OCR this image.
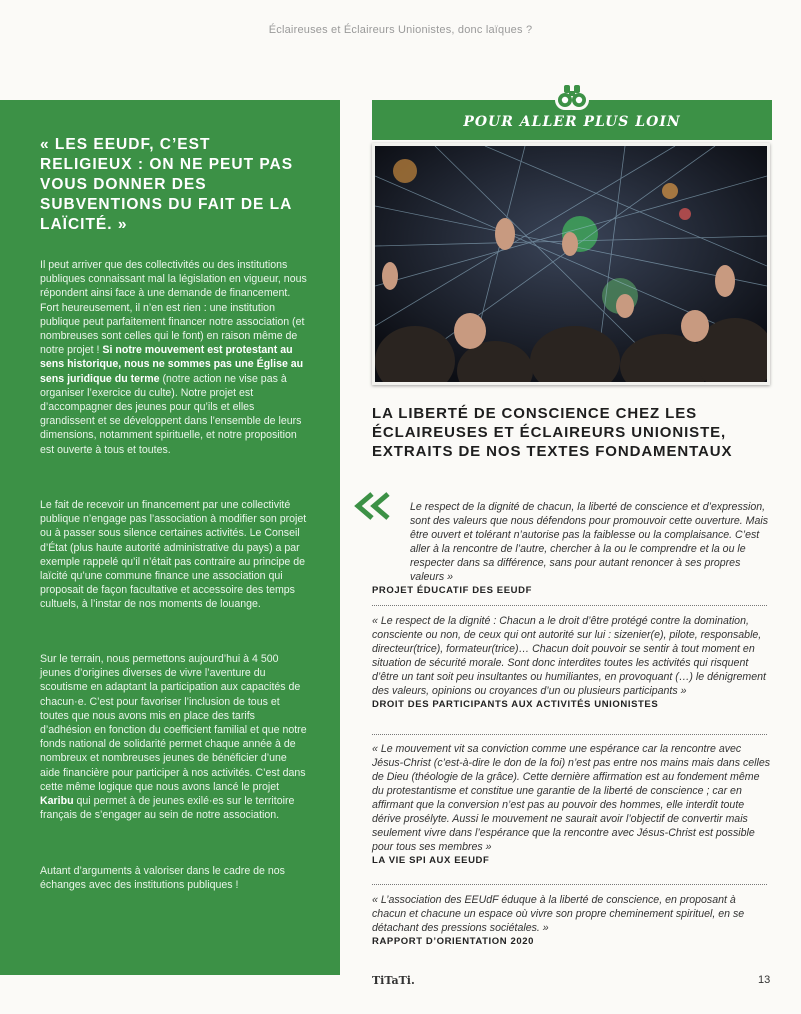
Éclaireuses et Éclaireurs Unionistes, donc laïques ?
« LES EEUDF, C’EST RELIGIEUX : ON NE PEUT PAS VOUS DONNER DES SUBVENTIONS DU FAIT DE LA LAÏCITÉ. »
Il peut arriver que des collectivités ou des institutions publiques connaissant mal la législation en vigueur, nous répondent ainsi face à une demande de financement. Fort heureusement, il n’en est rien : une institution publique peut parfaitement financer notre association (et nombreuses sont celles qui le font) en raison même de notre projet ! Si notre mouvement est protestant au sens historique, nous ne sommes pas une Église au sens juridique du terme (notre action ne vise pas à organiser l’exercice du culte). Notre projet est d’accompagner des jeunes pour qu’ils et elles grandissent et se développent dans l’ensemble de leurs dimensions, notamment spirituelle, et notre proposition est ouverte à tous et toutes.
Le fait de recevoir un financement par une collectivité publique n’engage pas l’association à modifier son projet ou à passer sous silence certaines activités. Le Conseil d’État (plus haute autorité administrative du pays) a par exemple rappelé qu’il n’était pas contraire au principe de laïcité qu’une commune finance une association qui proposait de façon facultative et accessoire des temps cultuels, à l’instar de nos moments de louange.
Sur le terrain, nous permettons aujourd’hui à 4 500 jeunes d’origines diverses de vivre l’aventure du scoutisme en adaptant la participation aux capacités de chacun·e. C’est pour favoriser l’inclusion de tous et toutes que nous avons mis en place des tarifs d’adhésion en fonction du coefficient familial et que notre fonds national de solidarité permet chaque année à de nombreux et nombreuses jeunes de bénéficier d’une aide financière pour participer à nos activités. C’est dans cette même logique que nous avons lancé le projet Karibu qui permet à de jeunes exilé·es sur le territoire français de s’engager au sein de notre association.
Autant d’arguments à valoriser dans le cadre de nos échanges avec des institutions publiques !
POUR ALLER PLUS LOIN
LA LIBERTÉ DE CONSCIENCE CHEZ LES ÉCLAIREUSES ET ÉCLAIREURS UNIONISTE, EXTRAITS DE NOS TEXTES FONDAMENTAUX
Le respect de la dignité de chacun, la liberté de conscience et d’expression, sont des valeurs que nous défendons pour promouvoir cette ouverture. Mais être ouvert et tolérant n’autorise pas la faiblesse ou la complaisance. C’est aller à la rencontre de l’autre, chercher à la ou le comprendre et la ou le respecter dans sa différence, sans pour autant renoncer à ses propres valeurs »
PROJET ÉDUCATIF DES EEUDF
« Le respect de la dignité : Chacun a le droit d’être protégé contre la domination, consciente ou non, de ceux qui ont autorité sur lui : sizenier(e), pilote, responsable, directeur(trice), formateur(trice)… Chacun doit pouvoir se sentir à tout moment en situation de sécurité morale. Sont donc interdites toutes les activités qui risquent d’être un tant soit peu insultantes ou humiliantes, en provoquant (…) le dénigrement des valeurs, opinions ou croyances d’un ou plusieurs participants »
DROIT DES PARTICIPANTS AUX ACTIVITÉS UNIONISTES
« Le mouvement vit sa conviction comme une espérance car la rencontre avec Jésus-Christ (c’est-à-dire le don de la foi) n’est pas entre nos mains mais dans celles de Dieu (théologie de la grâce). Cette dernière affirmation est au fondement même du protestantisme et constitue une garantie de la liberté de conscience ; car en affirmant que la conversion n’est pas au pouvoir des hommes, elle interdit toute dérive prosélyte. Aussi le mouvement ne saurait avoir l’objectif de convertir mais seulement vivre dans l’espérance que la rencontre avec Jésus-Christ est possible pour tous ses membres »
LA VIE SPI AUX EEUDF
« L’association des EEUdF éduque à la liberté de conscience, en proposant à chacun et chacune un espace où vivre son propre cheminement spirituel, en se détachant des pressions sociétales. »
RAPPORT D’ORIENTATION 2020
TiTaTi.	13
